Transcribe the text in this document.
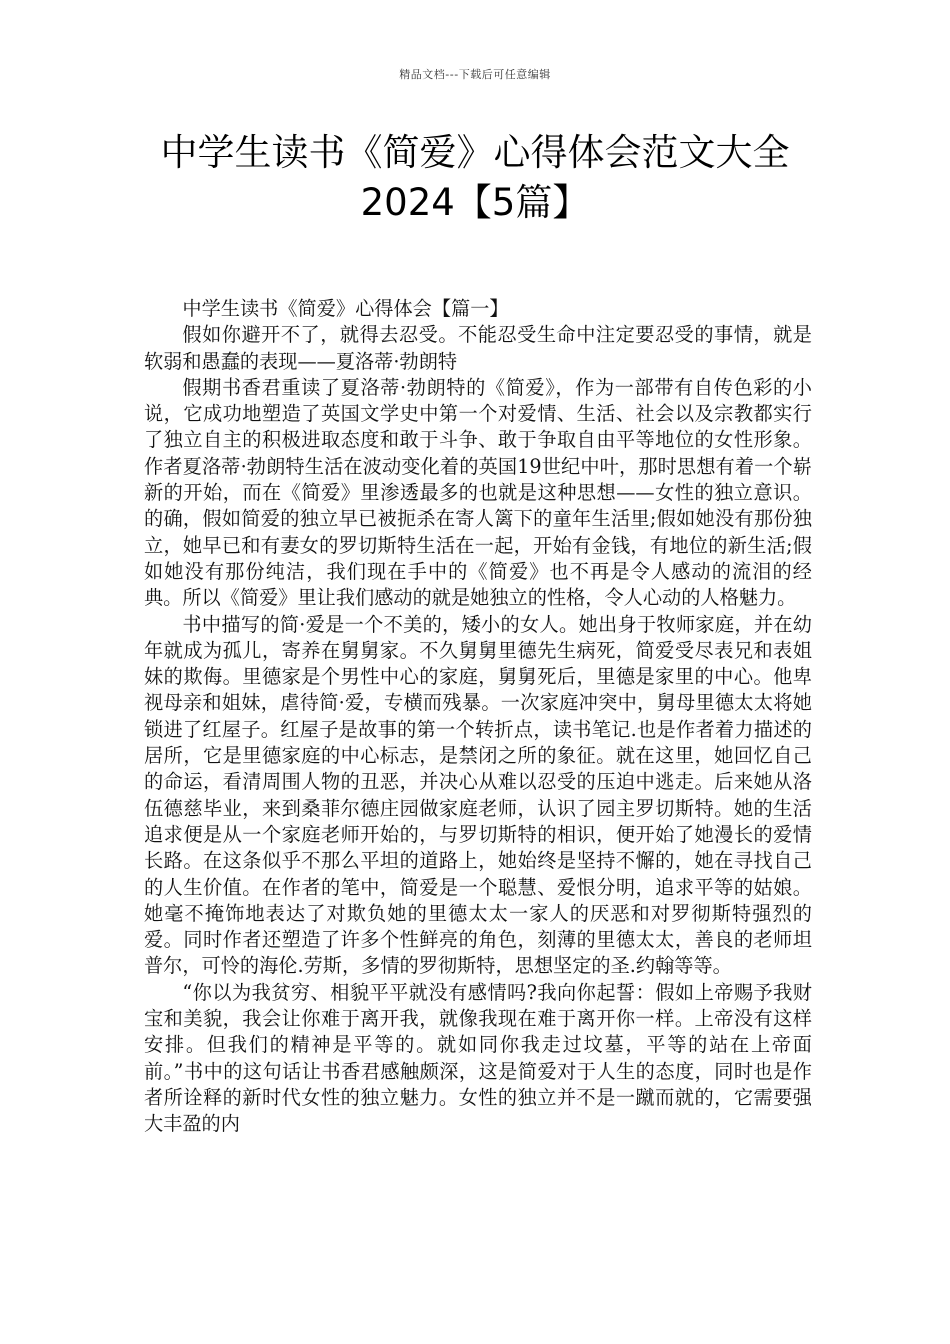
精品文档---下载后可任意编辑
中学生读书《简爱》心得体会范文大全
2024【5篇】

中学生读书《简爱》心得体会【篇一】

假如你避开不了，就得去忍受。不能忍受生命中注定要忍受的事情，就是软弱和愚蠢的表现——夏洛蒂·勃朗特

假期书香君重读了夏洛蒂·勃朗特的《简爱》，作为一部带有自传色彩的小说，它成功地塑造了英国文学史中第一个对爱情、生活、社会以及宗教都实行了独立自主的积极进取态度和敢于斗争、敢于争取自由平等地位的女性形象。作者夏洛蒂·勃朗特生活在波动变化着的英国19世纪中叶，那时思想有着一个崭新的开始，而在《简爱》里渗透最多的也就是这种思想——女性的独立意识。的确，假如简爱的独立早已被扼杀在寄人篱下的童年生活里;假如她没有那份独立，她早已和有妻女的罗切斯特生活在一起，开始有金钱，有地位的新生活;假如她没有那份纯洁，我们现在手中的《简爱》也不再是令人感动的流泪的经典。所以《简爱》里让我们感动的就是她独立的性格，令人心动的人格魅力。

书中描写的简·爱是一个不美的，矮小的女人。她出身于牧师家庭，并在幼年就成为孤儿，寄养在舅舅家。不久舅舅里德先生病死，简爱受尽表兄和表姐妹的欺侮。里德家是个男性中心的家庭，舅舅死后，里德是家里的中心。他卑视母亲和姐妹，虐待简·爱，专横而残暴。一次家庭冲突中，舅母里德太太将她锁进了红屋子。红屋子是故事的第一个转折点，读书笔记.也是作者着力描述的居所，它是里德家庭的中心标志，是禁闭之所的象征。就在这里，她回忆自己的命运，看清周围人物的丑恶，并决心从难以忍受的压迫中逃走。后来她从洛伍德慈毕业，来到桑菲尔德庄园做家庭老师，认识了园主罗切斯特。她的生活追求便是从一个家庭老师开始的，与罗切斯特的相识，便开始了她漫长的爱情长路。在这条似乎不那么平坦的道路上，她始终是坚持不懈的，她在寻找自己的人生价值。在作者的笔中，简爱是一个聪慧、爱恨分明，追求平等的姑娘。她毫不掩饰地表达了对欺负她的里德太太一家人的厌恶和对罗彻斯特强烈的爱。同时作者还塑造了许多个性鲜亮的角色，刻薄的里德太太，善良的老师坦普尔，可怜的海伦.劳斯，多情的罗彻斯特，思想坚定的圣.约翰等等。

“你以为我贫穷、相貌平平就没有感情吗?我向你起誓：假如上帝赐予我财宝和美貌，我会让你难于离开我，就像我现在难于离开你一样。上帝没有这样安排。但我们的精神是平等的。就如同你我走过坟墓，平等的站在上帝面前。”书中的这句话让书香君感触颇深，这是简爱对于人生的态度，同时也是作者所诠释的新时代女性的独立魅力。女性的独立并不是一蹴而就的，它需要强大丰盈的内
